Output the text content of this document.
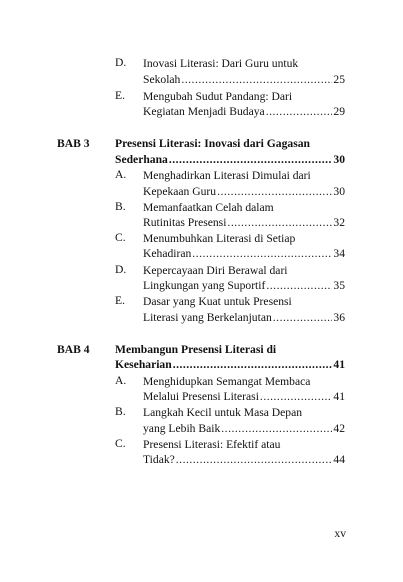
D. Inovasi Literasi: Dari Guru untuk
Sekolah .....	25
E. Mengubah Sudut Pandang: Dari
Kegiatan Menjadi Budaya .....	29
BAB 3 Presensi Literasi: Inovasi dari Gagasan
Sederhana .....	30
A. Menghadirkan Literasi Dimulai dari
Kepekaan Guru .....	30
B. Memanfaatkan Celah dalam
Rutinitas Presensi .....	32
C. Menumbuhkan Literasi di Setiap
Kehadiran .....	34
D. Kepercayaan Diri Berawal dari
Lingkungan yang Suportif .....	35
E. Dasar yang Kuat untuk Presensi
Literasi yang Berkelanjutan .....	36
BAB 4 Membangun Presensi Literasi di
Keseharian .....	41
A. Menghidupkan Semangat Membaca
Melalui Presensi Literasi .....	41
B. Langkah Kecil untuk Masa Depan
yang Lebih Baik .....	42
C. Presensi Literasi: Efektif atau
Tidak? .....	44
xv
